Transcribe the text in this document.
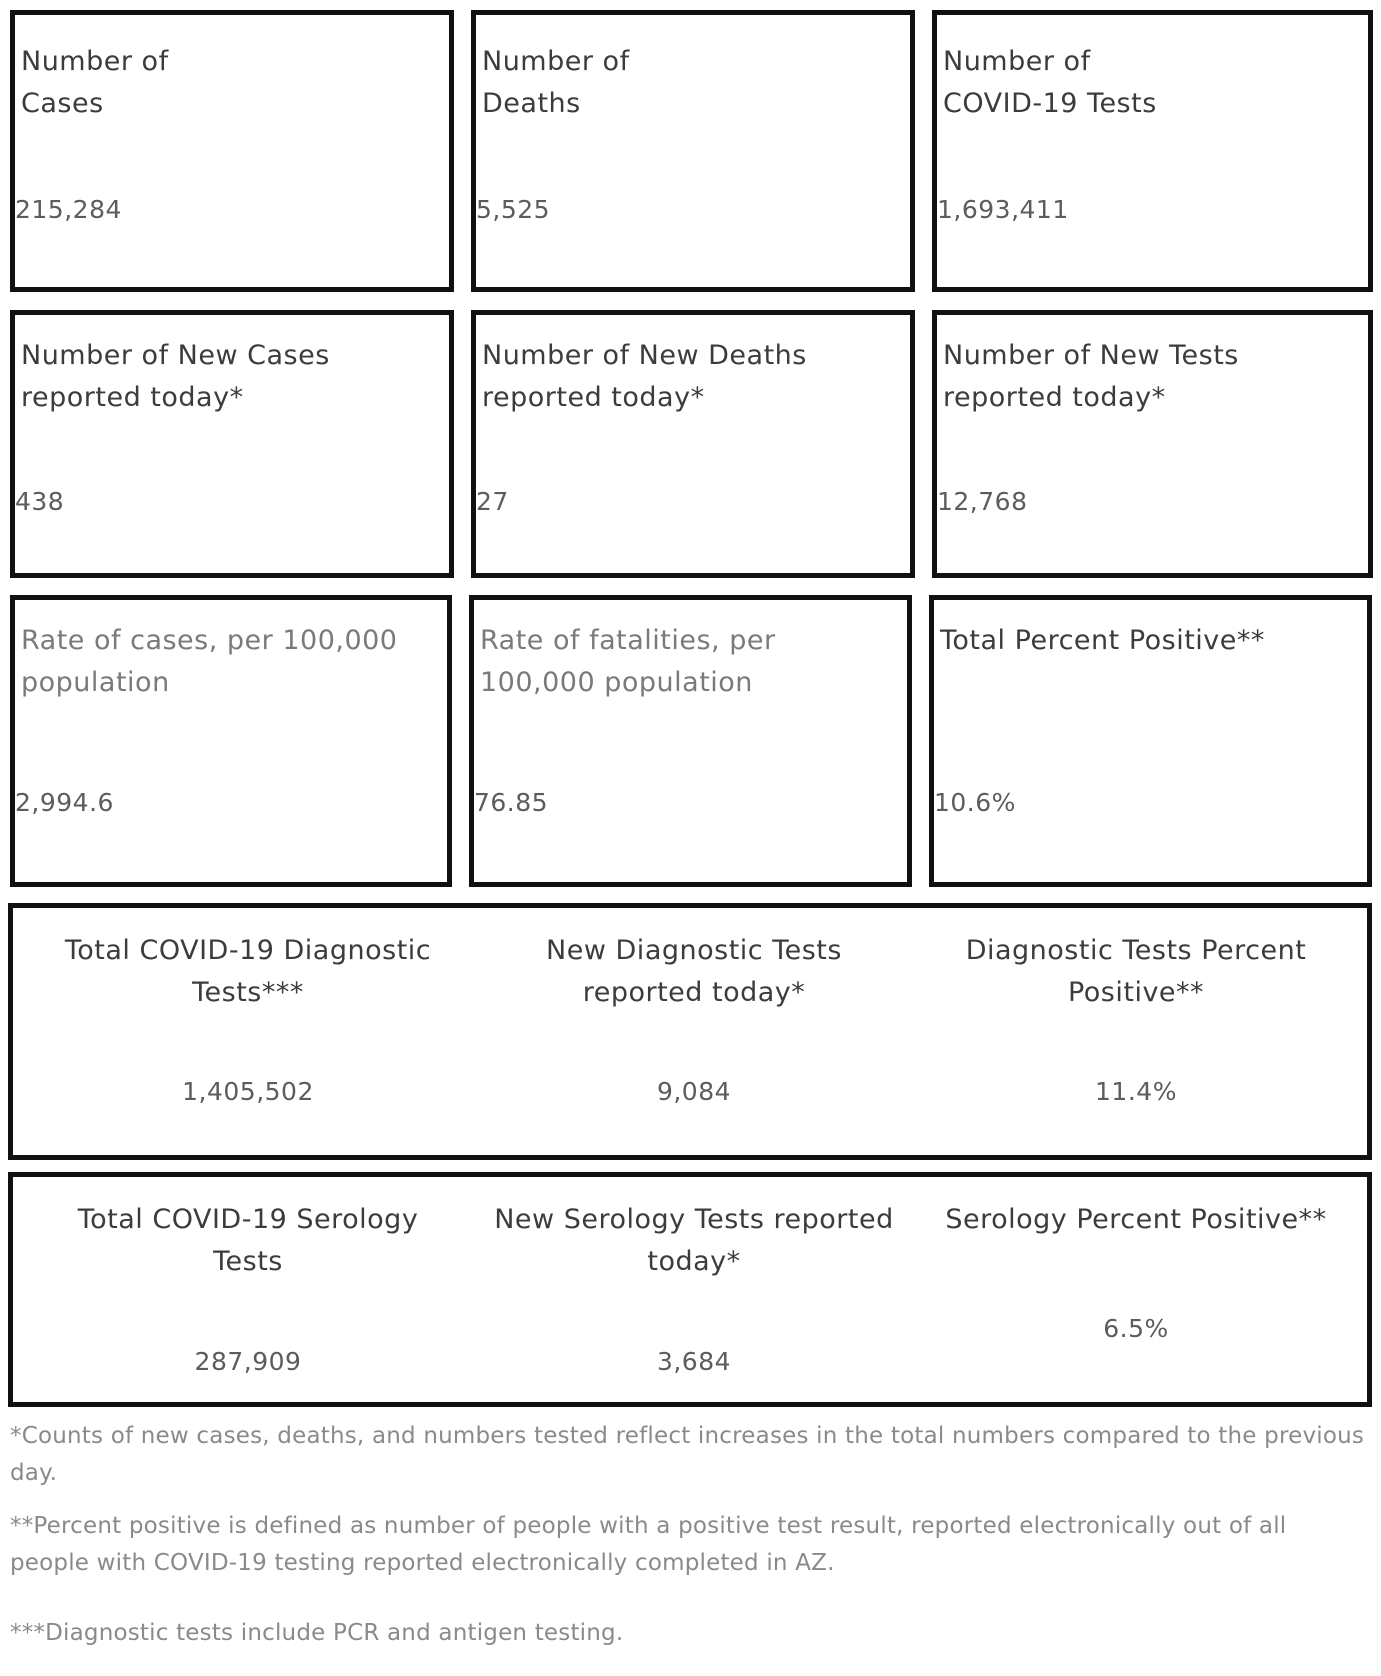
Number of
Cases
215,284
Number of
Deaths
5,525
Number of
COVID-19 Tests
1,693,411
Number of New Cases
reported today*
438
Number of New Deaths
reported today*
27
Number of New Tests
reported today*
12,768
Rate of cases, per 100,000
population
2,994.6
Rate of fatalities, per
100,000 population
76.85
Total Percent Positive**
10.6%
Total COVID-19 Diagnostic
Tests***
1,405,502
New Diagnostic Tests
reported today*
9,084
Diagnostic Tests Percent
Positive**
11.4%
Total COVID-19 Serology
Tests
287,909
New Serology Tests reported
today*
3,684
Serology Percent Positive**
6.5%
*Counts of new cases, deaths, and numbers tested reflect increases in the total numbers compared to the previous day.
**Percent positive is defined as number of people with a positive test result, reported electronically out of all people with COVID-19 testing reported electronically completed in AZ.
***Diagnostic tests include PCR and antigen testing.
